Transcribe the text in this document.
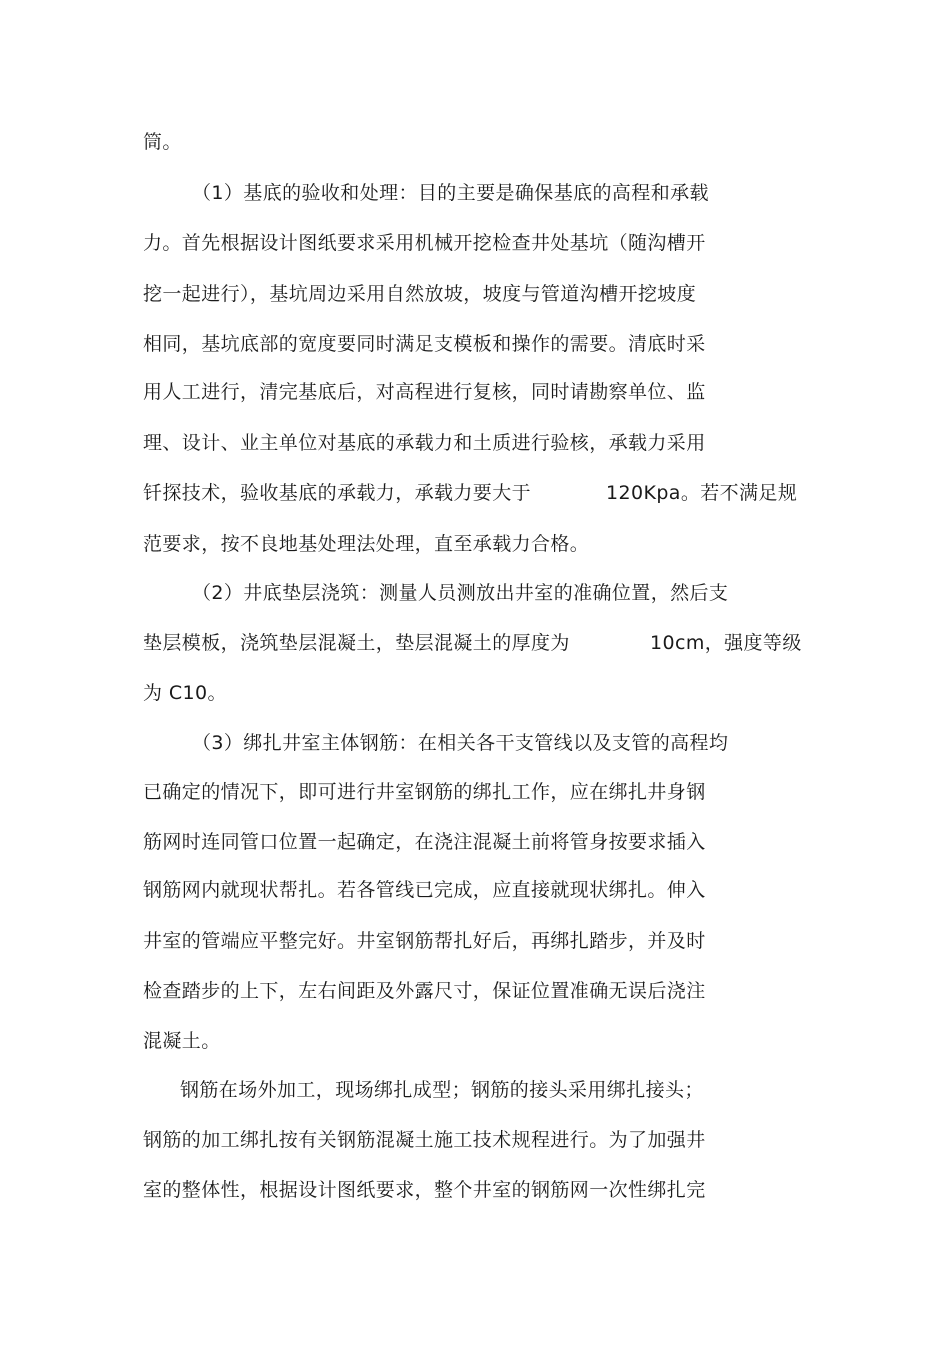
筒。
（1）基底的验收和处理：目的主要是确保基底的高程和承载
力。首先根据设计图纸要求采用机械开挖检查井处基坑（随沟槽开
挖一起进行），基坑周边采用自然放坡，坡度与管道沟槽开挖坡度
相同，基坑底部的宽度要同时满足支模板和操作的需要。清底时采
用人工进行，清完基底后，对高程进行复核，同时请勘察单位、监
理、设计、业主单位对基底的承载力和土质进行验核，承载力采用
钎探技术，验收基底的承载力，承载力要大于	120Kpa。若不满足规
范要求，按不良地基处理法处理，直至承载力合格。
（2）井底垫层浇筑：测量人员测放出井室的准确位置，然后支
垫层模板，浇筑垫层混凝土，垫层混凝土的厚度为	10cm，强度等级
为 C10。
（3）绑扎井室主体钢筋：在相关各干支管线以及支管的高程均
已确定的情况下，即可进行井室钢筋的绑扎工作，应在绑扎井身钢
筋网时连同管口位置一起确定，在浇注混凝土前将管身按要求插入
钢筋网内就现状帮扎。若各管线已完成，应直接就现状绑扎。伸入
井室的管端应平整完好。井室钢筋帮扎好后，再绑扎踏步，并及时
检查踏步的上下，左右间距及外露尺寸，保证位置准确无误后浇注
混凝土。
钢筋在场外加工，现场绑扎成型；钢筋的接头采用绑扎接头；
钢筋的加工绑扎按有关钢筋混凝土施工技术规程进行。为了加强井
室的整体性，根据设计图纸要求，整个井室的钢筋网一次性绑扎完
